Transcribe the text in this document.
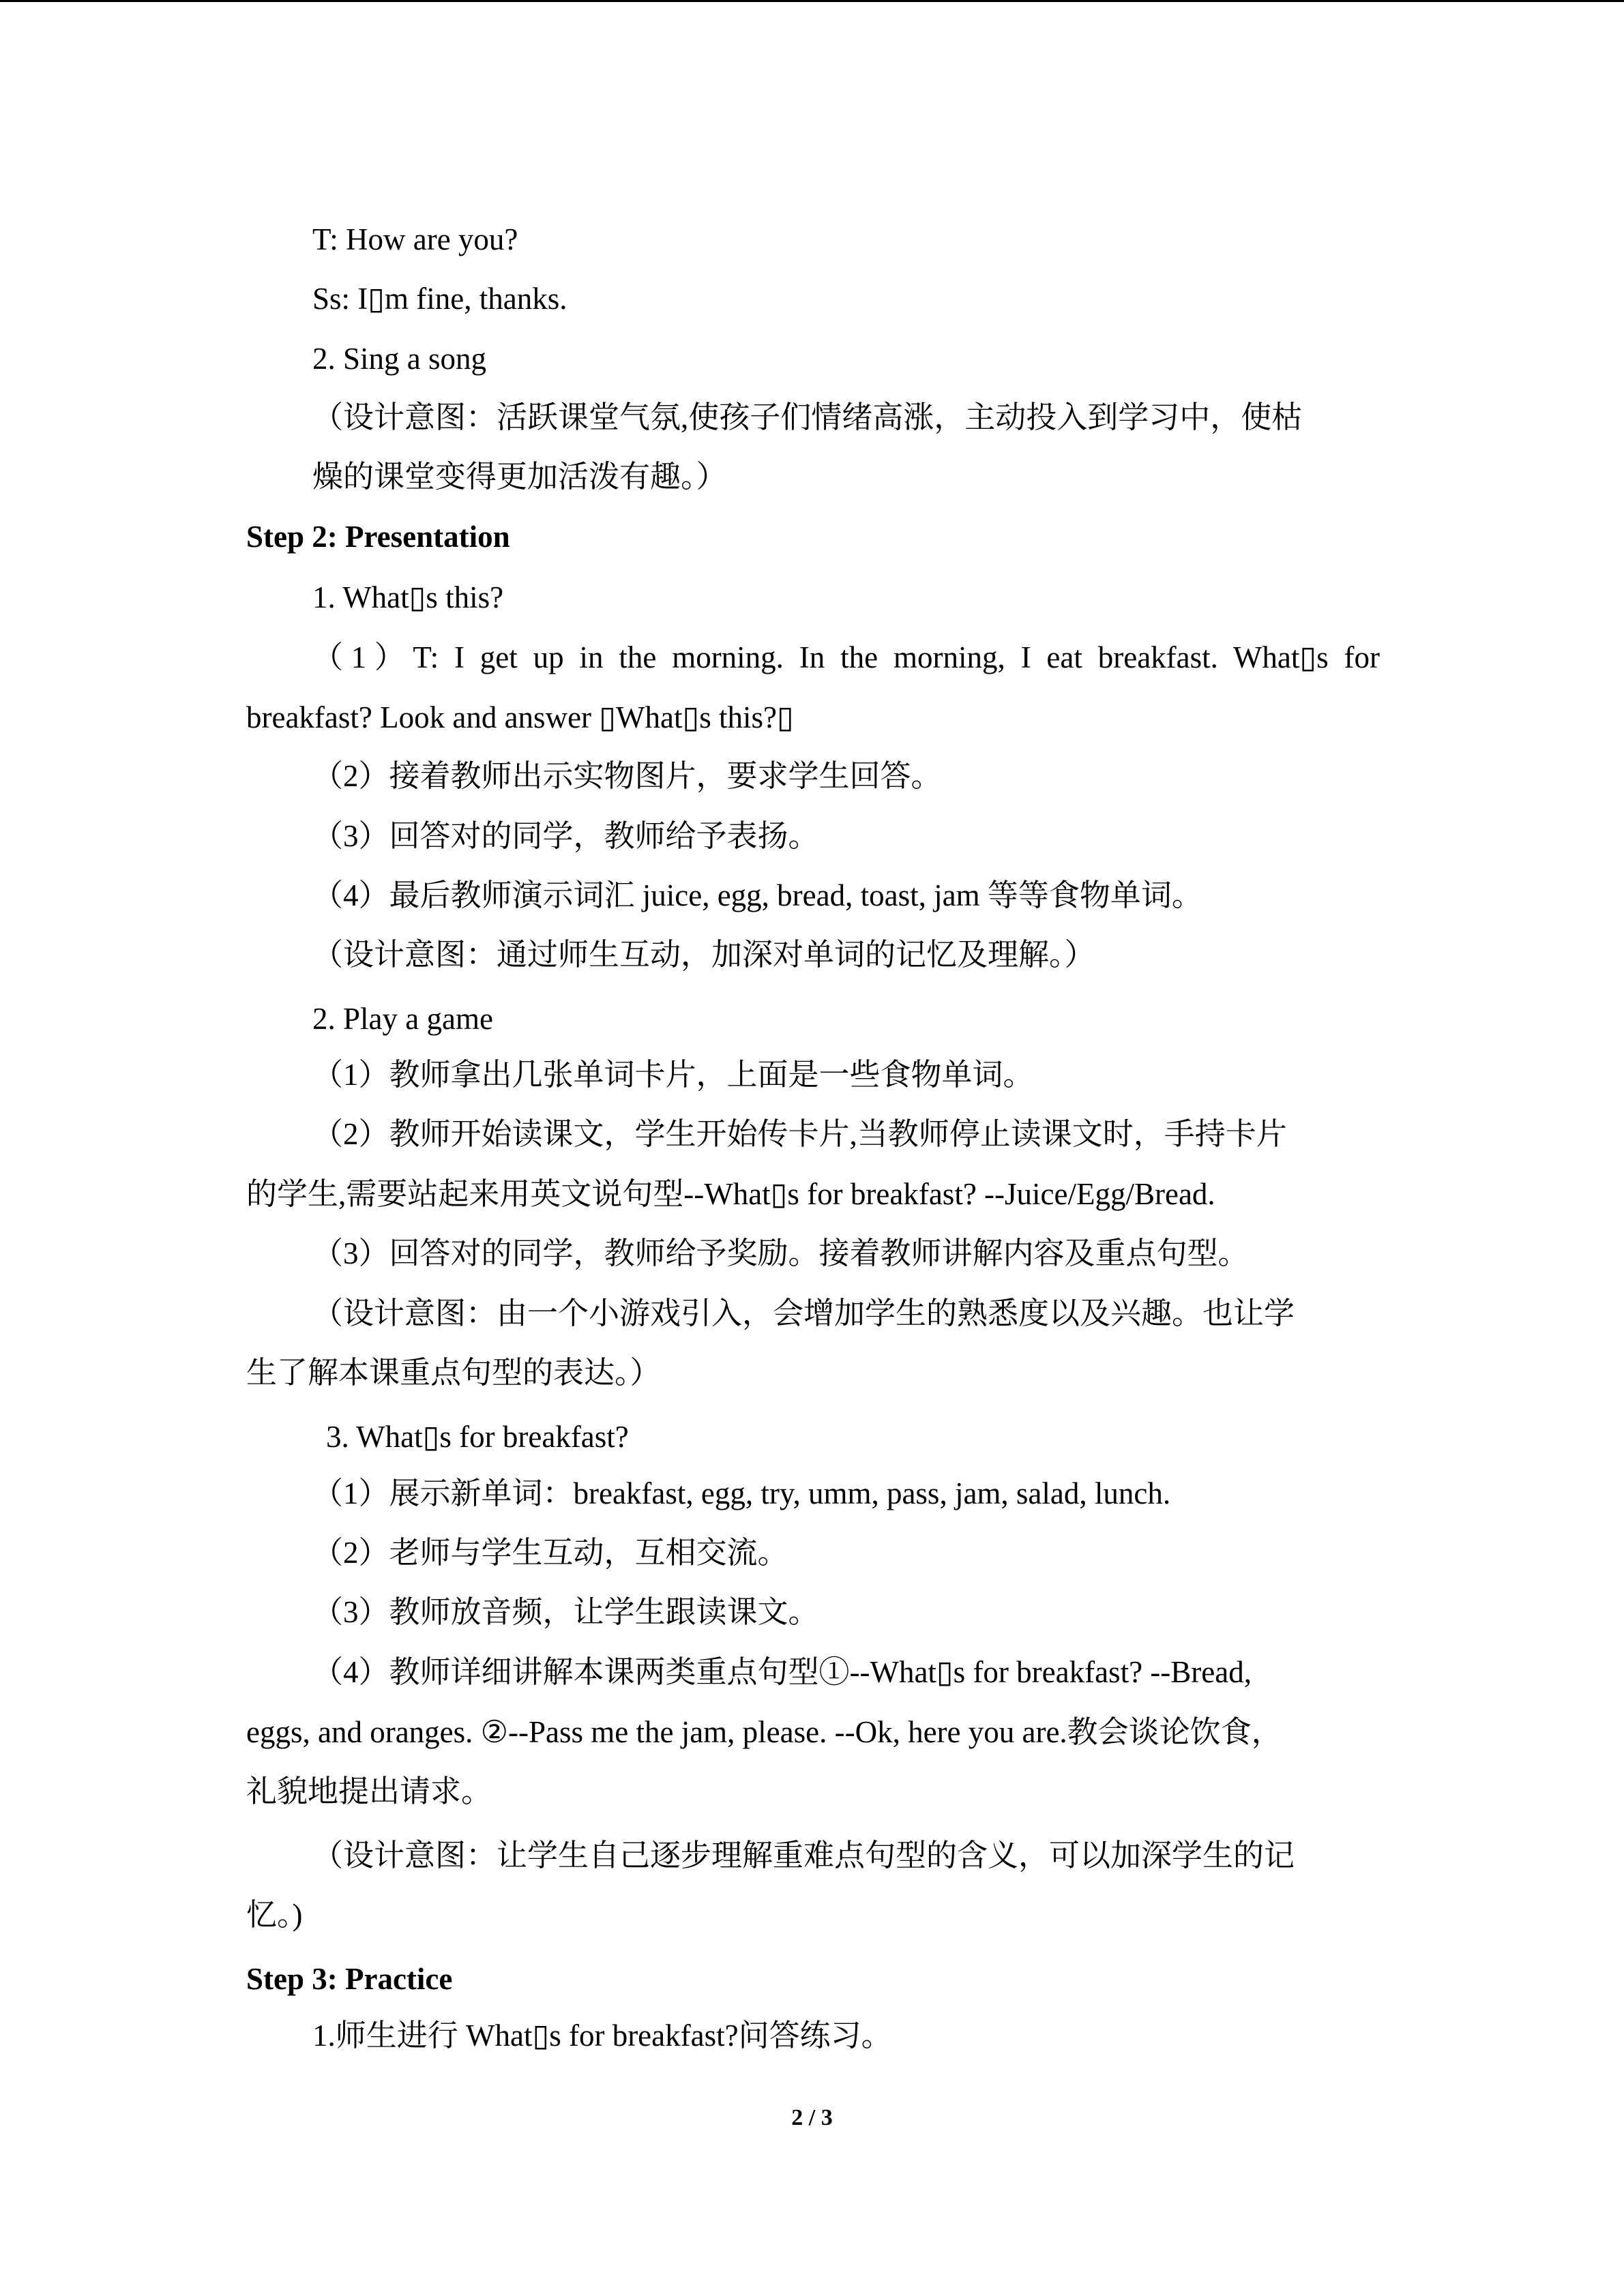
T: How are you?
Ss: I▯m fine, thanks.
2. Sing a song
（设计意图：活跃课堂气氛,使孩子们情绪高涨，主动投入到学习中，使枯
燥的课堂变得更加活泼有趣。）
Step 2: Presentation
1. What▯s this?
（1）T: I get up in the morning. In the morning, I eat breakfast. What▯s for
breakfast? Look and answer ▯What▯s this?▯
（2）接着教师出示实物图片，要求学生回答。
（3）回答对的同学，教师给予表扬。
（4）最后教师演示词汇 juice, egg, bread, toast, jam 等等食物单词。
（设计意图：通过师生互动，加深对单词的记忆及理解。）
2. Play a game
（1）教师拿出几张单词卡片，上面是一些食物单词。
（2）教师开始读课文，学生开始传卡片,当教师停止读课文时，手持卡片
的学生,需要站起来用英文说句型--What▯s for breakfast? --Juice/Egg/Bread.
（3）回答对的同学，教师给予奖励。接着教师讲解内容及重点句型。
（设计意图：由一个小游戏引入，会增加学生的熟悉度以及兴趣。也让学
生了解本课重点句型的表达。）
3. What▯s for breakfast?
（1）展示新单词：breakfast, egg, try, umm, pass, jam, salad, lunch.
（2）老师与学生互动，互相交流。
（3）教师放音频，让学生跟读课文。
（4）教师详细讲解本课两类重点句型①--What▯s for breakfast? --Bread,
eggs, and oranges. ②--Pass me the jam, please. --Ok, here you are.教会谈论饮食，
礼貌地提出请求。
（设计意图：让学生自己逐步理解重难点句型的含义，可以加深学生的记
忆。)
Step 3: Practice
1.师生进行 What▯s for breakfast?问答练习。
2 / 3
